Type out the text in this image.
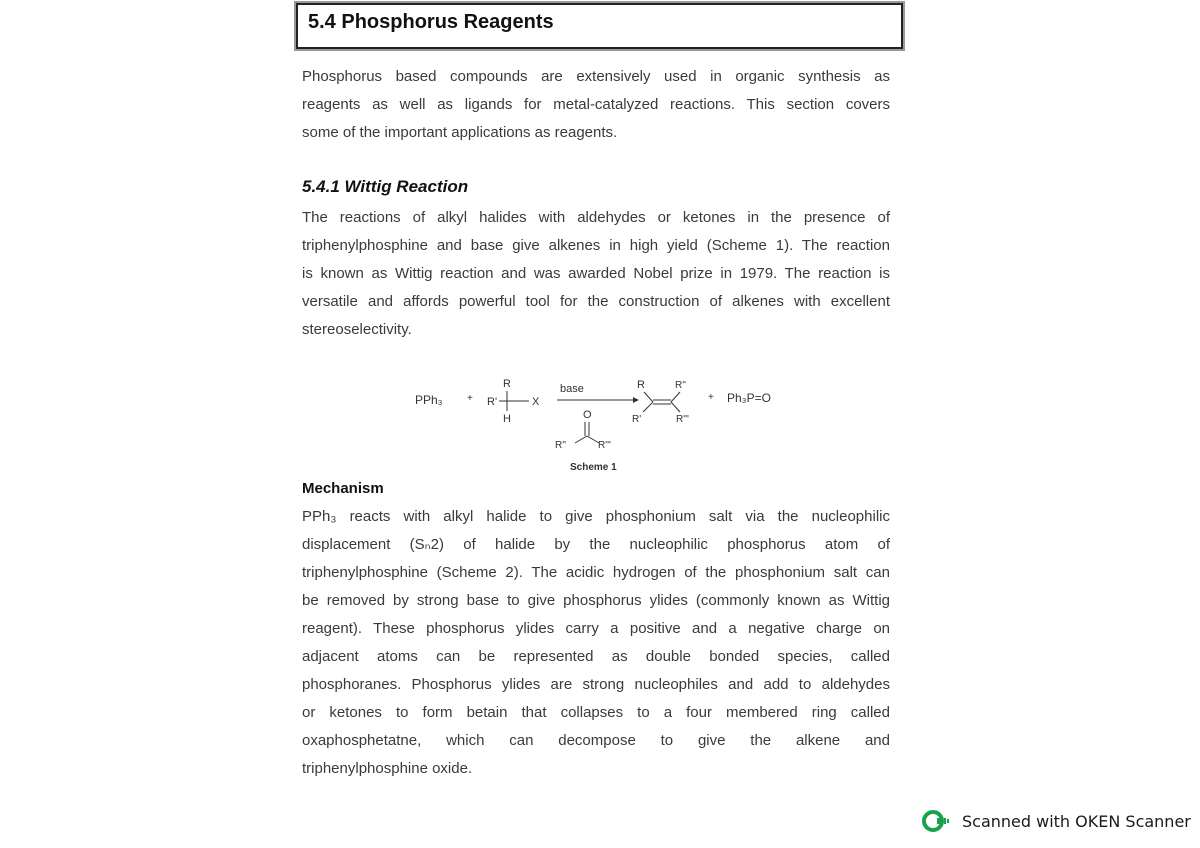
5.4 Phosphorus Reagents
Phosphorus based compounds are extensively used in organic synthesis as
reagents as well as ligands for metal-catalyzed reactions. This section covers
some of the important applications as reagents.
5.4.1 Wittig Reaction
The reactions of alkyl halides with aldehydes or ketones in the presence of
triphenylphosphine and base give alkenes in high yield (Scheme 1). The reaction
is known as Wittig reaction and was awarded Nobel prize in 1979. The reaction is
versatile and affords powerful tool for the construction of alkenes with excellent
stereoselectivity.
PPh₃ +
R
R'	X
H
base
O
R''	R'''
R	R''
R'	R'''
+ Ph₃P=O
Scheme 1
Mechanism
PPh₃ reacts with alkyl halide to give phosphonium salt via the nucleophilic
displacement (Sₙ2) of halide by the nucleophilic phosphorus atom of
triphenylphosphine (Scheme 2). The acidic hydrogen of the phosphonium salt can
be removed by strong base to give phosphorus ylides (commonly known as Wittig
reagent). These phosphorus ylides carry a positive and a negative charge on
adjacent atoms can be represented as double bonded species, called
phosphoranes. Phosphorus ylides are strong nucleophiles and add to aldehydes
or ketones to form betain that collapses to a four membered ring called
oxaphosphetatne, which can decompose to give the alkene and
triphenylphosphine oxide.
Scanned with OKEN Scanner
